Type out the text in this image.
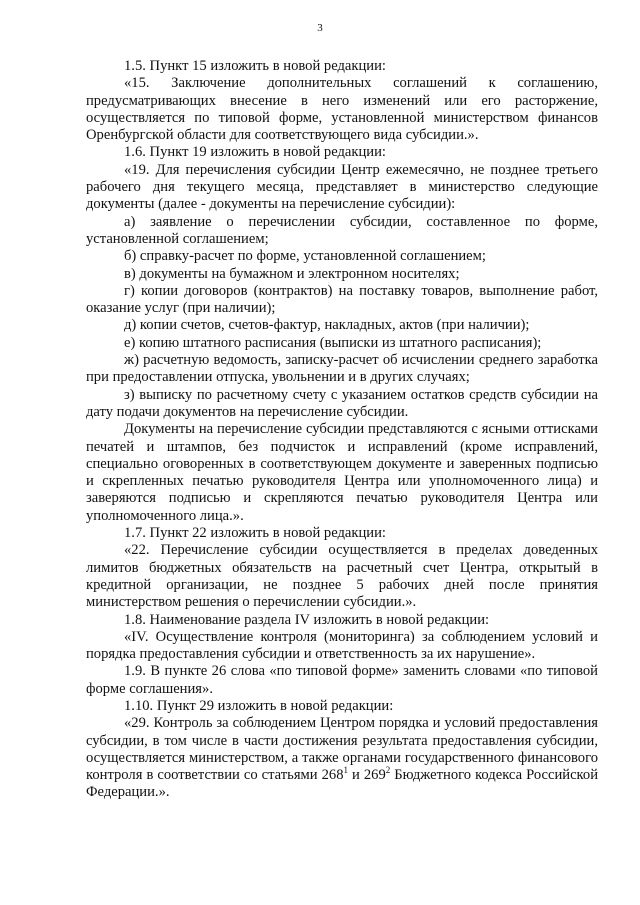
3

1.5. Пункт 15 изложить в новой редакции:

«15. Заключение дополнительных соглашений к соглашению, предусматривающих внесение в него изменений или его расторжение, осуществляется по типовой форме, установленной министерством финансов Оренбургской области для соответствующего вида субсидии.».

1.6. Пункт 19 изложить в новой редакции:

«19. Для перечисления субсидии Центр ежемесячно, не позднее третьего рабочего дня текущего месяца, представляет в министерство следующие документы (далее - документы на перечисление субсидии):

а) заявление о перечислении субсидии, составленное по форме, установленной соглашением;

б) справку-расчет по форме, установленной соглашением;

в) документы на бумажном и электронном носителях;

г) копии договоров (контрактов) на поставку товаров, выполнение работ, оказание услуг (при наличии);

д) копии счетов, счетов-фактур, накладных, актов (при наличии);

е) копию штатного расписания (выписки из штатного расписания);

ж) расчетную ведомость, записку-расчет об исчислении среднего заработка при предоставлении отпуска, увольнении и в других случаях;

з) выписку по расчетному счету с указанием остатков средств субсидии на дату подачи документов на перечисление субсидии.

Документы на перечисление субсидии представляются с ясными оттисками печатей и штампов, без подчисток и исправлений (кроме исправлений, специально оговоренных в соответствующем документе и заверенных подписью и скрепленных печатью руководителя Центра или уполномоченного лица) и заверяются подписью и скрепляются печатью руководителя Центра или уполномоченного лица.».

1.7. Пункт 22 изложить в новой редакции:

«22. Перечисление субсидии осуществляется в пределах доведенных лимитов бюджетных обязательств на расчетный счет Центра, открытый в кредитной организации, не позднее 5 рабочих дней после принятия министерством решения о перечислении субсидии.».

1.8. Наименование раздела IV изложить в новой редакции:

«IV. Осуществление контроля (мониторинга) за соблюдением условий и порядка предоставления субсидии и ответственность за их нарушение».

1.9. В пункте 26 слова «по типовой форме» заменить словами «по типовой форме соглашения».

1.10. Пункт 29 изложить в новой редакции:

«29. Контроль за соблюдением Центром порядка и условий предоставления субсидии, в том числе в части достижения результата предоставления субсидии, осуществляется министерством, а также органами государственного финансового контроля в соответствии со статьями $268^1$ и $269^2$ Бюджетного кодекса Российской Федерации.».
